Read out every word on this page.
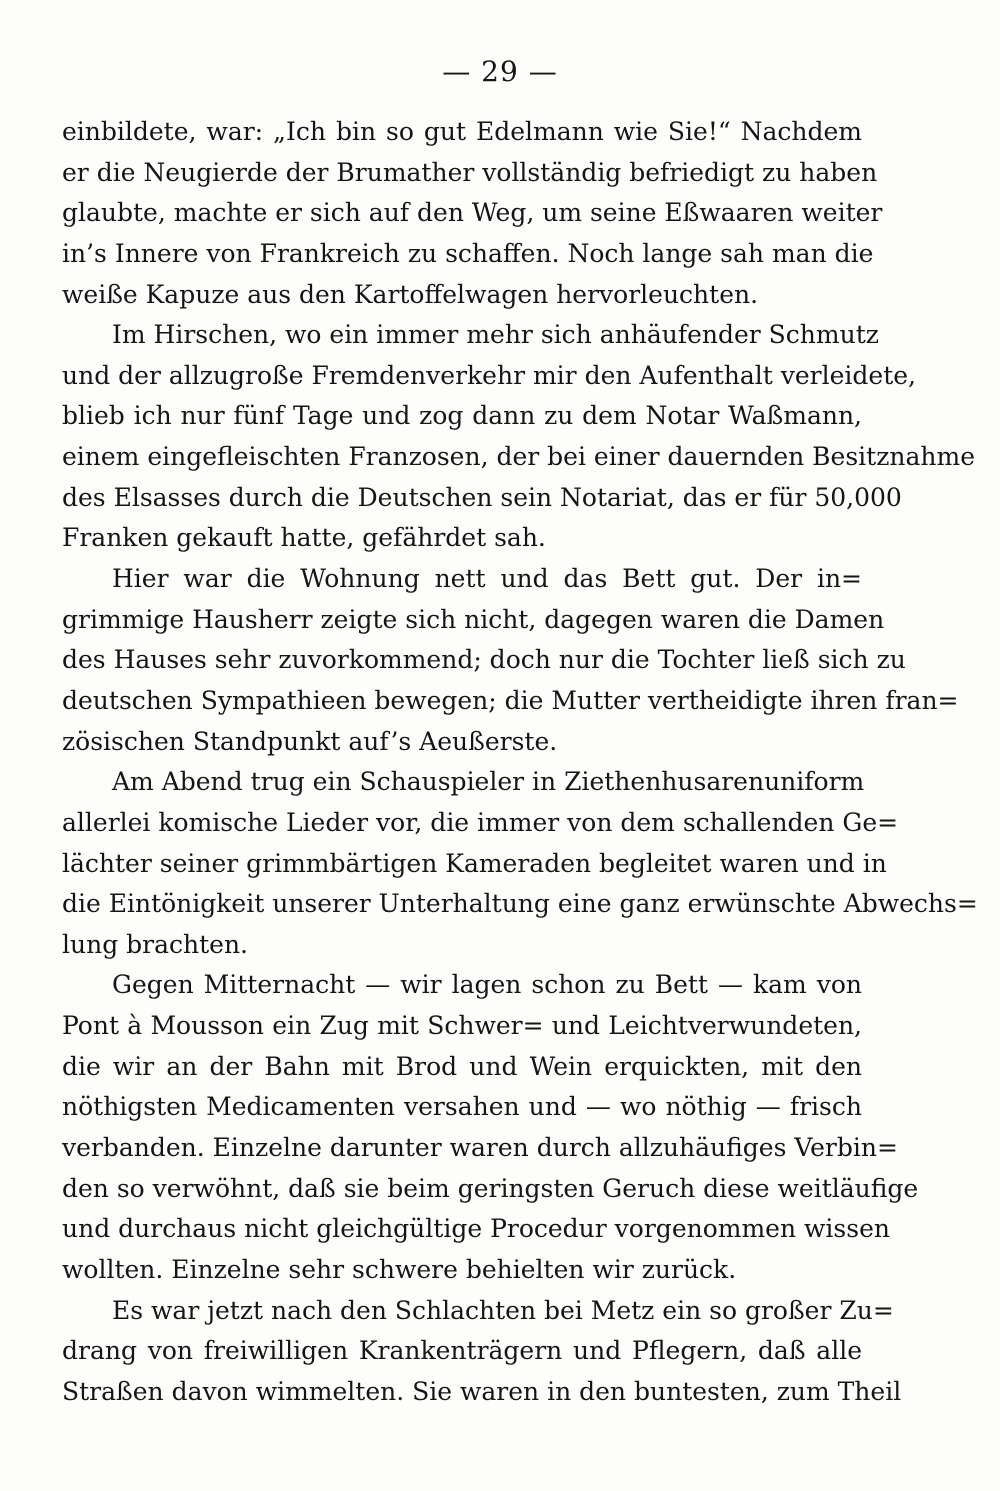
— 29 —
einbildete, war: „Ich bin so gut Edelmann wie Sie!“ Nachdem
er die Neugierde der Brumather vollständig befriedigt zu haben
glaubte, machte er sich auf den Weg, um seine Eßwaaren weiter
in’s Innere von Frankreich zu schaffen. Noch lange sah man die
weiße Kapuze aus den Kartoffelwagen hervorleuchten.
Im Hirschen, wo ein immer mehr sich anhäufender Schmutz
und der allzugroße Fremdenverkehr mir den Aufenthalt verleidete,
blieb ich nur fünf Tage und zog dann zu dem Notar Waßmann,
einem eingefleischten Franzosen, der bei einer dauernden Besitznahme
des Elsasses durch die Deutschen sein Notariat, das er für 50,000
Franken gekauft hatte, gefährdet sah.
Hier war die Wohnung nett und das Bett gut. Der in=
grimmige Hausherr zeigte sich nicht, dagegen waren die Damen
des Hauses sehr zuvorkommend; doch nur die Tochter ließ sich zu
deutschen Sympathieen bewegen; die Mutter vertheidigte ihren fran=
zösischen Standpunkt auf’s Aeußerste.
Am Abend trug ein Schauspieler in Ziethenhusarenuniform
allerlei komische Lieder vor, die immer von dem schallenden Ge=
lächter seiner grimmbärtigen Kameraden begleitet waren und in
die Eintönigkeit unserer Unterhaltung eine ganz erwünschte Abwechs=
lung brachten.
Gegen Mitternacht — wir lagen schon zu Bett — kam von
Pont à Mousson ein Zug mit Schwer= und Leichtverwundeten,
die wir an der Bahn mit Brod und Wein erquickten, mit den
nöthigsten Medicamenten versahen und — wo nöthig — frisch
verbanden. Einzelne darunter waren durch allzuhäufiges Verbin=
den so verwöhnt, daß sie beim geringsten Geruch diese weitläufige
und durchaus nicht gleichgültige Procedur vorgenommen wissen
wollten. Einzelne sehr schwere behielten wir zurück.
Es war jetzt nach den Schlachten bei Metz ein so großer Zu=
drang von freiwilligen Krankenträgern und Pflegern, daß alle
Straßen davon wimmelten. Sie waren in den buntesten, zum Theil
